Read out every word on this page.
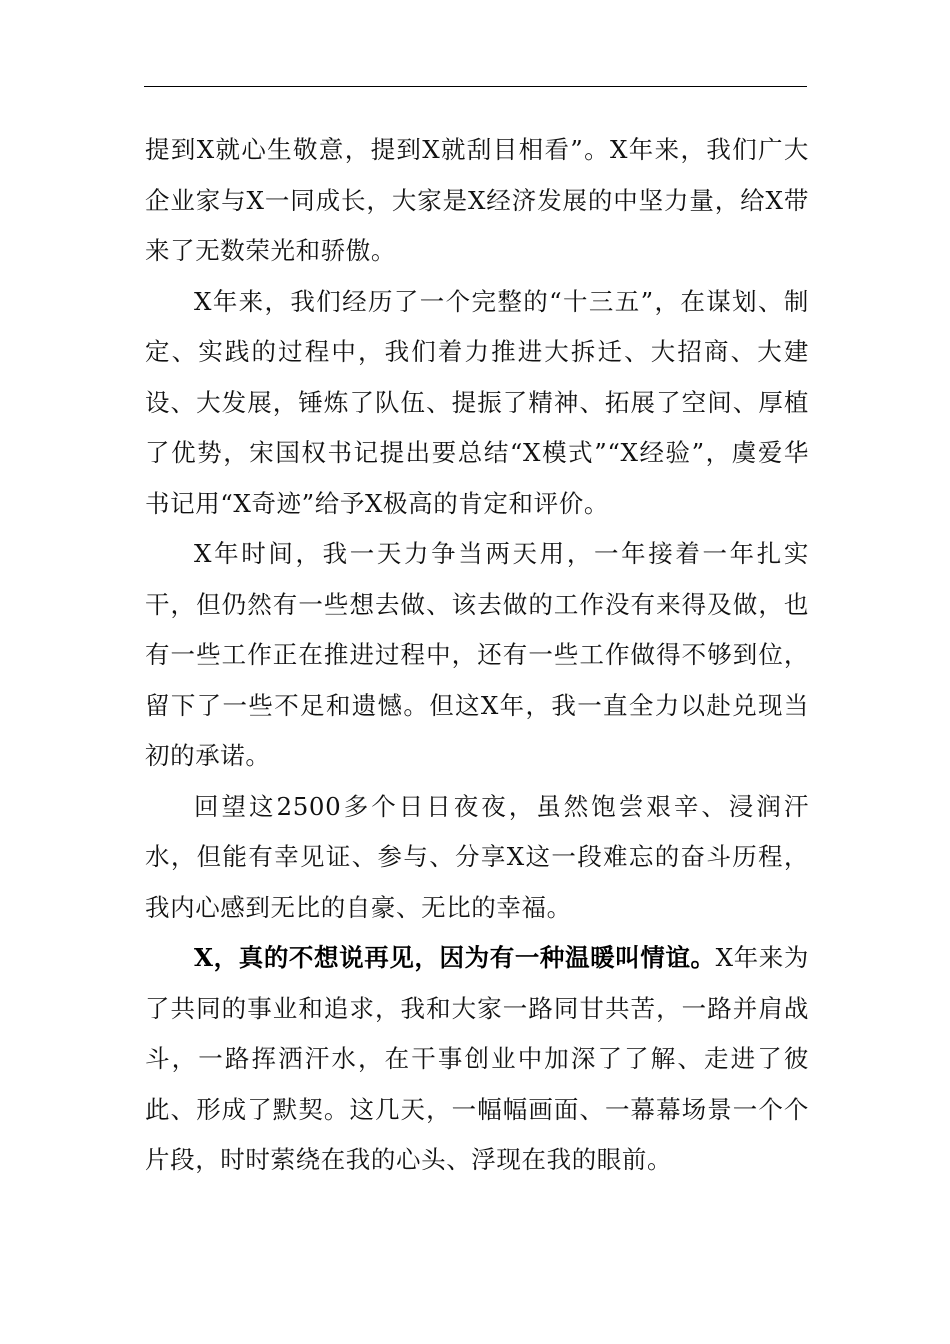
提到X就心生敬意，提到X就刮目相看”。X年来，我们广大企业家与X一同成长，大家是X经济发展的中坚力量，给X带来了无数荣光和骄傲。

X年来，我们经历了一个完整的“十三五”，在谋划、制定、实践的过程中，我们着力推进大拆迁、大招商、大建设、大发展，锤炼了队伍、提振了精神、拓展了空间、厚植了优势，宋国权书记提出要总结“X模式”“X经验”，虞爱华书记用“X奇迹”给予X极高的肯定和评价。

X年时间，我一天力争当两天用，一年接着一年扎实干，但仍然有一些想去做、该去做的工作没有来得及做，也有一些工作正在推进过程中，还有一些工作做得不够到位，留下了一些不足和遗憾。但这X年，我一直全力以赴兑现当初的承诺。

回望这2500多个日日夜夜，虽然饱尝艰辛、浸润汗水，但能有幸见证、参与、分享X这一段难忘的奋斗历程，我内心感到无比的自豪、无比的幸福。

X，真的不想说再见，因为有一种温暖叫情谊。X年来为了共同的事业和追求，我和大家一路同甘共苦，一路并肩战斗，一路挥洒汗水，在干事创业中加深了了解、走进了彼此、形成了默契。这几天，一幅幅画面、一幕幕场景一个个片段，时时萦绕在我的心头、浮现在我的眼前。
